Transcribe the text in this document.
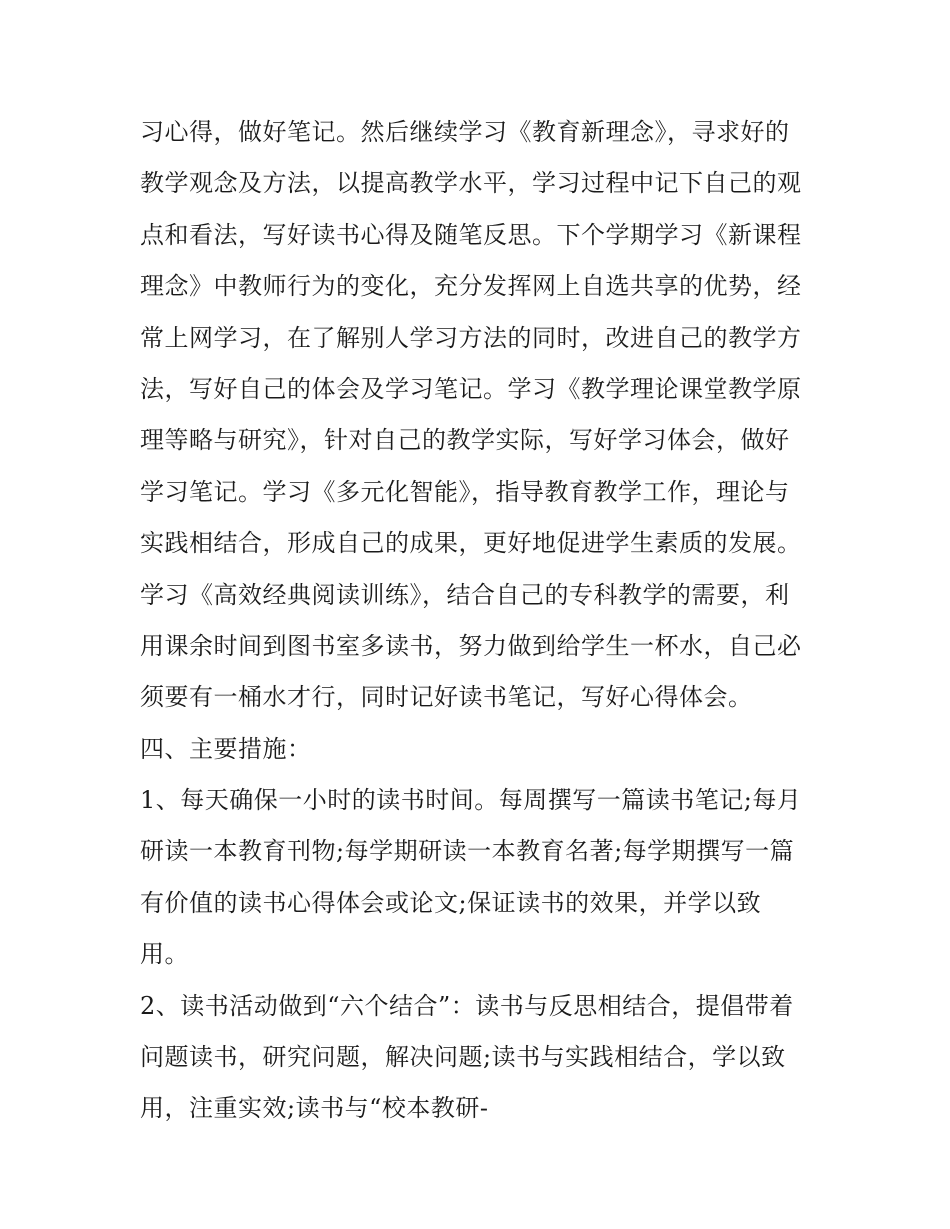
习心得，做好笔记。然后继续学习《教育新理念》，寻求好的
教学观念及方法，以提高教学水平，学习过程中记下自己的观
点和看法，写好读书心得及随笔反思。下个学期学习《新课程
理念》中教师行为的变化，充分发挥网上自选共享的优势，经
常上网学习，在了解别人学习方法的同时，改进自己的教学方
法，写好自己的体会及学习笔记。学习《教学理论课堂教学原
理等略与研究》，针对自己的教学实际，写好学习体会，做好
学习笔记。学习《多元化智能》，指导教育教学工作，理论与
实践相结合，形成自己的成果，更好地促进学生素质的发展。
学习《高效经典阅读训练》，结合自己的专科教学的需要，利
用课余时间到图书室多读书，努力做到给学生一杯水，自己必
须要有一桶水才行，同时记好读书笔记，写好心得体会。
四、主要措施：
1、每天确保一小时的读书时间。每周撰写一篇读书笔记;每月
研读一本教育刊物;每学期研读一本教育名著;每学期撰写一篇
有价值的读书心得体会或论文;保证读书的效果，并学以致
用。
2、读书活动做到“六个结合”：读书与反思相结合，提倡带着
问题读书，研究问题，解决问题;读书与实践相结合，学以致
用，注重实效;读书与“校本教研-
